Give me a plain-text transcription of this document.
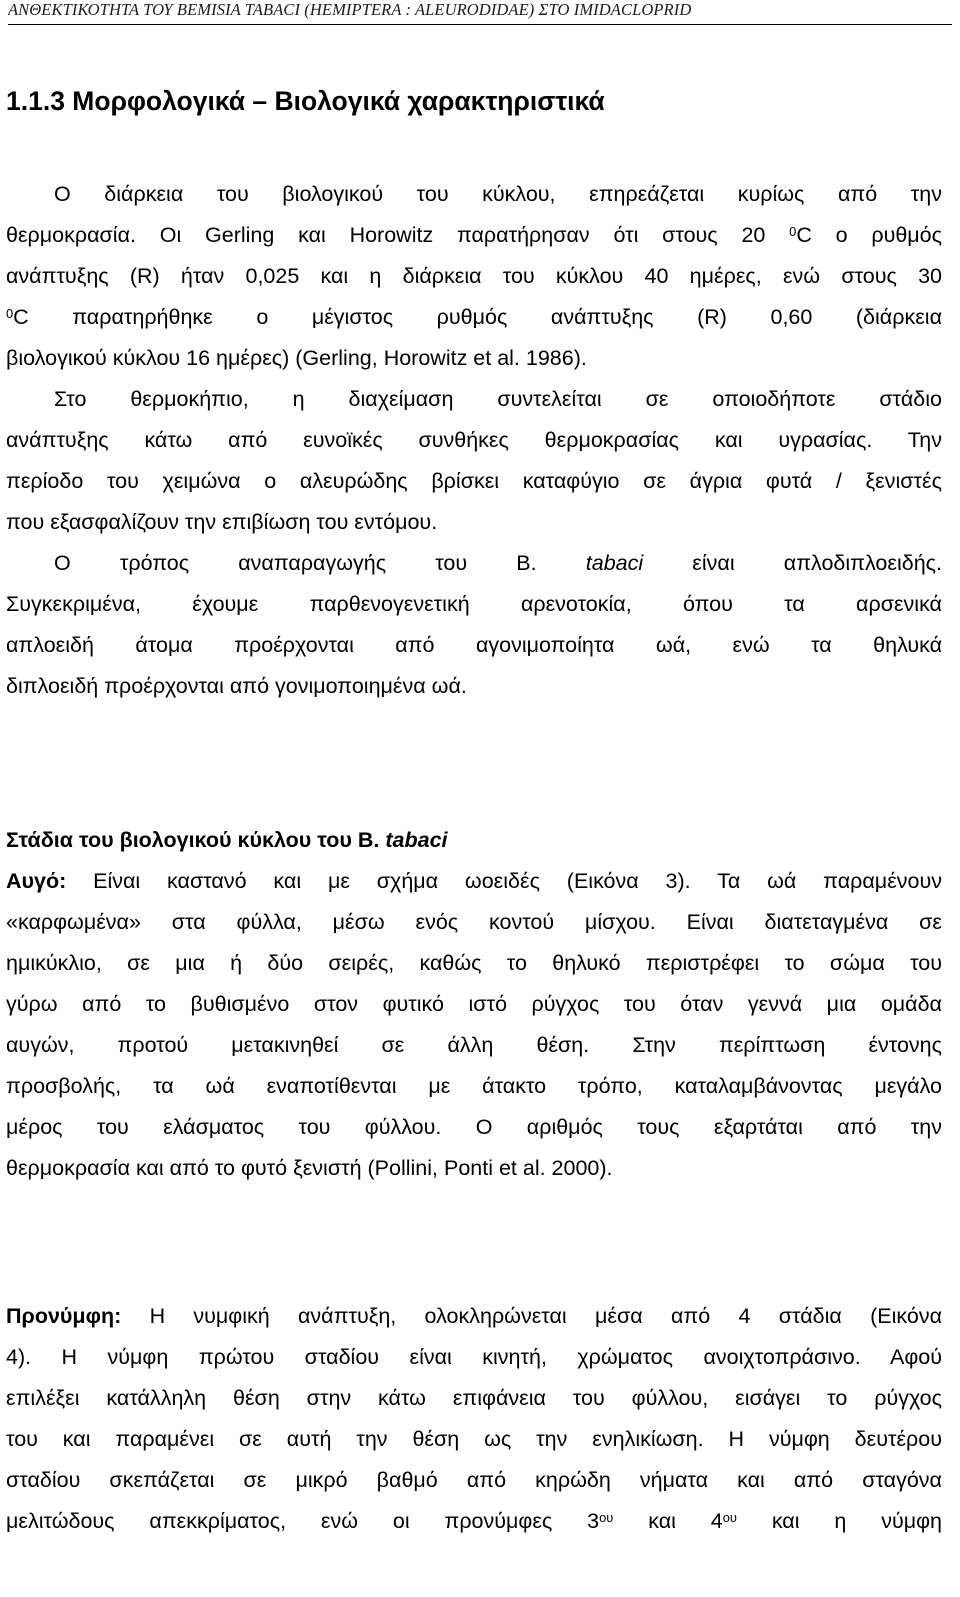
ΑΝΘΕΚΤΙΚΟΤΗΤΑ ΤΟΥ BEMISIA TABACI (HEMIPTERA : ALEURODIDAE) ΣΤΟ IMIDACLOPRID
1.1.3 Μορφολογικά – Βιολογικά χαρακτηριστικά
Ο διάρκεια του βιολογικού του κύκλου, επηρεάζεται κυρίως από την
θερμοκρασία. Οι Gerling και Horowitz παρατήρησαν ότι στους 20 $^0$C ο ρυθμός
ανάπτυξης (R) ήταν 0,025 και η διάρκεια του κύκλου 40 ημέρες, ενώ στους 30
$^0$C παρατηρήθηκε ο μέγιστος ρυθμός ανάπτυξης (R) 0,60 (διάρκεια
βιολογικού κύκλου 16 ημέρες) (Gerling, Horowitz et al. 1986).
Στο θερμοκήπιο, η διαχείμαση συντελείται σε οποιοδήποτε στάδιο
ανάπτυξης κάτω από ευνοϊκές συνθήκες θερμοκρασίας και υγρασίας. Την
περίοδο του χειμώνα ο αλευρώδης βρίσκει καταφύγιο σε άγρια φυτά / ξενιστές
που εξασφαλίζουν την επιβίωση του εντόμου.
Ο τρόπος αναπαραγωγής του B. tabaci είναι απλοδιπλοειδής.
Συγκεκριμένα, έχουμε παρθενογενετική αρενοτοκία, όπου τα αρσενικά
απλοειδή άτομα προέρχονται από αγονιμοποίητα ωά, ενώ τα θηλυκά
διπλοειδή προέρχονται από γονιμοποιημένα ωά.
Στάδια του βιολογικού κύκλου του B. tabaci
Αυγό: Είναι καστανό και με σχήμα ωοειδές (Εικόνα 3). Τα ωά παραμένουν
«καρφωμένα» στα φύλλα, μέσω ενός κοντού μίσχου. Είναι διατεταγμένα σε
ημικύκλιο, σε μια ή δύο σειρές, καθώς το θηλυκό περιστρέφει το σώμα του
γύρω από το βυθισμένο στον φυτικό ιστό ρύγχος του όταν γεννά μια ομάδα
αυγών, προτού μετακινηθεί σε άλλη θέση. Στην περίπτωση έντονης
προσβολής, τα ωά εναποτίθενται με άτακτο τρόπο, καταλαμβάνοντας μεγάλο
μέρος του ελάσματος του φύλλου. Ο αριθμός τους εξαρτάται από την
θερμοκρασία και από το φυτό ξενιστή (Pollini, Ponti et al. 2000).
Προνύμφη: Η νυμφική ανάπτυξη, ολοκληρώνεται μέσα από 4 στάδια (Εικόνα
4). Η νύμφη πρώτου σταδίου είναι κινητή, χρώματος ανοιχτοπράσινο. Αφού
επιλέξει κατάλληλη θέση στην κάτω επιφάνεια του φύλλου, εισάγει το ρύγχος
του και παραμένει σε αυτή την θέση ως την ενηλικίωση. Η νύμφη δευτέρου
σταδίου σκεπάζεται σε μικρό βαθμό από κηρώδη νήματα και από σταγόνα
μελιτώδους απεκκρίματος, ενώ οι προνύμφες $3^{o\upsilon}$ και $4^{o\upsilon}$ και η νύμφη
